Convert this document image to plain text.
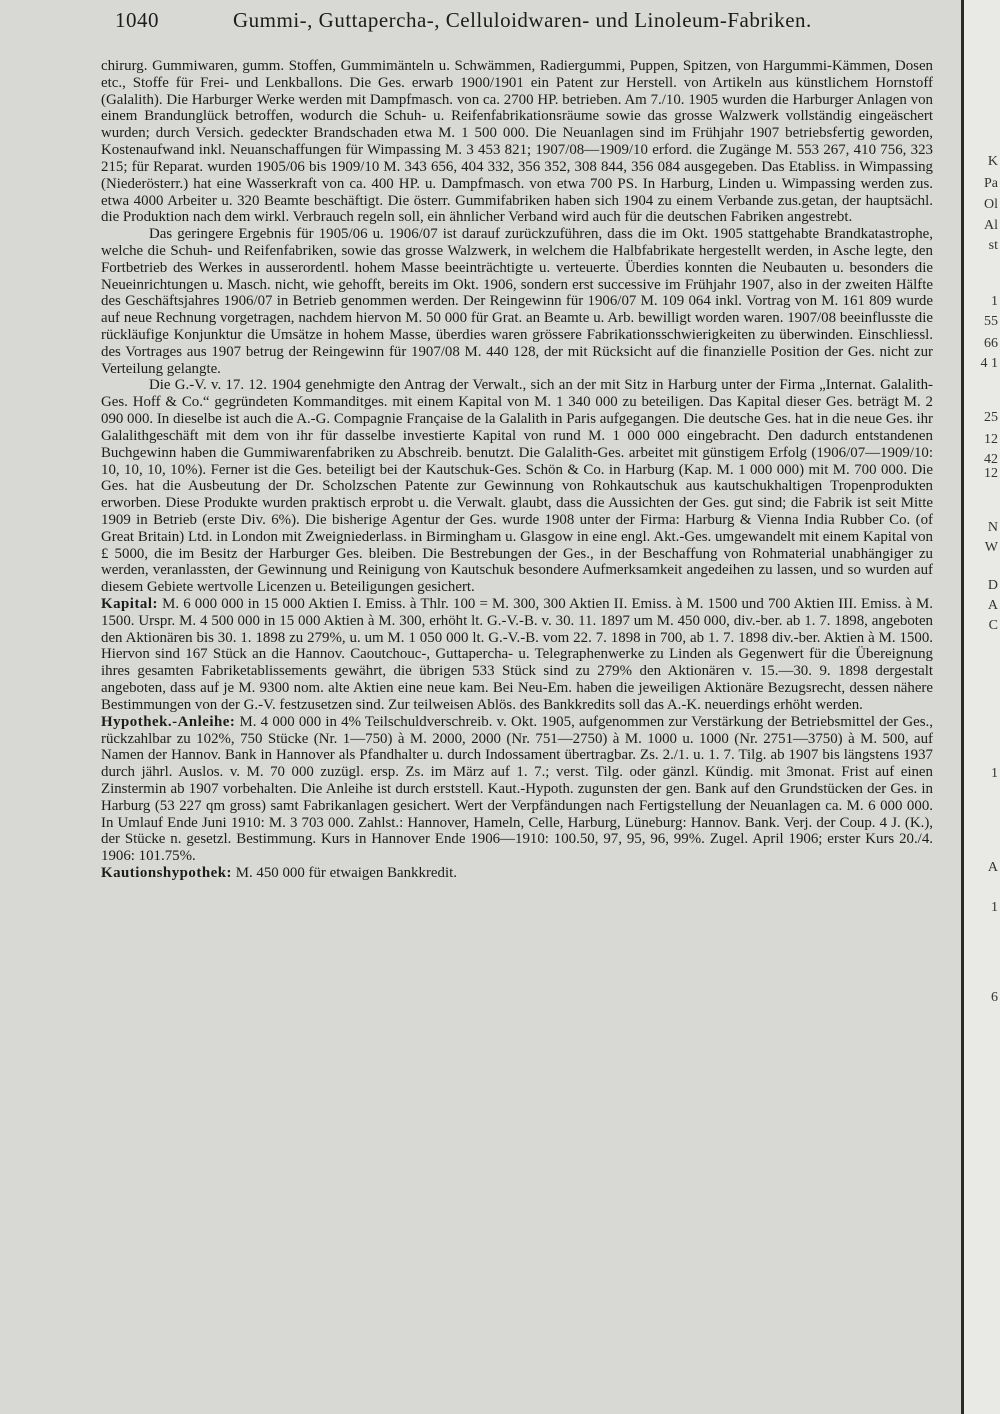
1040	Gummi-, Guttapercha-, Celluloidwaren- und Linoleum-Fabriken.

chirurg. Gummiwaren, gumm. Stoffen, Gummimänteln u. Schwämmen, Radiergummi, Puppen, Spitzen, von Hargummi-Kämmen, Dosen etc., Stoffe für Frei- und Lenkballons. Die Ges. erwarb 1900/1901 ein Patent zur Herstell. von Artikeln aus künstlichem Hornstoff (Galalith). Die Harburger Werke werden mit Dampfmasch. von ca. 2700 HP. betrieben. Am 7./10. 1905 wurden die Harburger Anlagen von einem Brandunglück betroffen, wodurch die Schuh- u. Reifenfabrikationsräume sowie das grosse Walzwerk vollständig eingeäschert wurden; durch Versich. gedeckter Brandschaden etwa M. 1 500 000. Die Neuanlagen sind im Frühjahr 1907 betriebsfertig geworden, Kostenaufwand inkl. Neuanschaffungen für Wimpassing M. 3 453 821; 1907/08—1909/10 erford. die Zugänge M. 553 267, 410 756, 323 215; für Reparat. wurden 1905/06 bis 1909/10 M. 343 656, 404 332, 356 352, 308 844, 356 084 ausgegeben. Das Etabliss. in Wimpassing (Niederösterr.) hat eine Wasserkraft von ca. 400 HP. u. Dampfmasch. von etwa 700 PS. In Harburg, Linden u. Wimpassing werden zus. etwa 4000 Arbeiter u. 320 Beamte beschäftigt. Die österr. Gummifabriken haben sich 1904 zu einem Verbande zus.getan, der hauptsächl. die Produktion nach dem wirkl. Verbrauch regeln soll, ein ähnlicher Verband wird auch für die deutschen Fabriken angestrebt.

Das geringere Ergebnis für 1905/06 u. 1906/07 ist darauf zurückzuführen, dass die im Okt. 1905 stattgehabte Brandkatastrophe, welche die Schuh- und Reifenfabriken, sowie das grosse Walzwerk, in welchem die Halbfabrikate hergestellt werden, in Asche legte, den Fortbetrieb des Werkes in ausserordentl. hohem Masse beeinträchtigte u. verteuerte. Überdies konnten die Neubauten u. besonders die Neueinrichtungen u. Masch. nicht, wie gehofft, bereits im Okt. 1906, sondern erst successive im Frühjahr 1907, also in der zweiten Hälfte des Geschäftsjahres 1906/07 in Betrieb genommen werden. Der Reingewinn für 1906/07 M. 109 064 inkl. Vortrag von M. 161 809 wurde auf neue Rechnung vorgetragen, nachdem hiervon M. 50 000 für Grat. an Beamte u. Arb. bewilligt worden waren. 1907/08 beeinflusste die rückläufige Konjunktur die Umsätze in hohem Masse, überdies waren grössere Fabrikationsschwierigkeiten zu überwinden. Einschliessl. des Vortrages aus 1907 betrug der Reingewinn für 1907/08 M. 440 128, der mit Rücksicht auf die finanzielle Position der Ges. nicht zur Verteilung gelangte.

Die G.-V. v. 17. 12. 1904 genehmigte den Antrag der Verwalt., sich an der mit Sitz in Harburg unter der Firma „Internat. Galalith-Ges. Hoff & Co.“ gegründeten Kommanditges. mit einem Kapital von M. 1 340 000 zu beteiligen. Das Kapital dieser Ges. beträgt M. 2 090 000. In dieselbe ist auch die A.-G. Compagnie Française de la Galalith in Paris aufgegangen. Die deutsche Ges. hat in die neue Ges. ihr Galalithgeschäft mit dem von ihr für dasselbe investierte Kapital von rund M. 1 000 000 eingebracht. Den dadurch entstandenen Buchgewinn haben die Gummiwarenfabriken zu Abschreib. benutzt. Die Galalith-Ges. arbeitet mit günstigem Erfolg (1906/07—1909/10: 10, 10, 10, 10%). Ferner ist die Ges. beteiligt bei der Kautschuk-Ges. Schön & Co. in Harburg (Kap. M. 1 000 000) mit M. 700 000. Die Ges. hat die Ausbeutung der Dr. Scholzschen Patente zur Gewinnung von Rohkautschuk aus kautschukhaltigen Tropenprodukten erworben. Diese Produkte wurden praktisch erprobt u. die Verwalt. glaubt, dass die Aussichten der Ges. gut sind; die Fabrik ist seit Mitte 1909 in Betrieb (erste Div. 6%). Die bisherige Agentur der Ges. wurde 1908 unter der Firma: Harburg & Vienna India Rubber Co. (of Great Britain) Ltd. in London mit Zweigniederlass. in Birmingham u. Glasgow in eine engl. Akt.-Ges. umgewandelt mit einem Kapital von £ 5000, die im Besitz der Harburger Ges. bleiben. Die Bestrebungen der Ges., in der Beschaffung von Rohmaterial unabhängiger zu werden, veranlassten, der Gewinnung und Reinigung von Kautschuk besondere Aufmerksamkeit angedeihen zu lassen, und so wurden auf diesem Gebiete wertvolle Licenzen u. Beteiligungen gesichert.

Kapital: M. 6 000 000 in 15 000 Aktien I. Emiss. à Thlr. 100 = M. 300, 300 Aktien II. Emiss. à M. 1500 und 700 Aktien III. Emiss. à M. 1500. Urspr. M. 4 500 000 in 15 000 Aktien à M. 300, erhöht lt. G.-V.-B. v. 30. 11. 1897 um M. 450 000, div.-ber. ab 1. 7. 1898, angeboten den Aktionären bis 30. 1. 1898 zu 279%, u. um M. 1 050 000 lt. G.-V.-B. vom 22. 7. 1898 in 700, ab 1. 7. 1898 div.-ber. Aktien à M. 1500. Hiervon sind 167 Stück an die Hannov. Caoutchouc-, Guttapercha- u. Telegraphenwerke zu Linden als Gegenwert für die Übereignung ihres gesamten Fabriketablissements gewährt, die übrigen 533 Stück sind zu 279% den Aktionären v. 15.—30. 9. 1898 dergestalt angeboten, dass auf je M. 9300 nom. alte Aktien eine neue kam. Bei Neu-Em. haben die jeweiligen Aktionäre Bezugsrecht, dessen nähere Bestimmungen von der G.-V. festzusetzen sind. Zur teilweisen Ablös. des Bankkredits soll das A.-K. neuerdings erhöht werden.

Hypothek.-Anleihe: M. 4 000 000 in 4% Teilschuldverschreib. v. Okt. 1905, aufgenommen zur Verstärkung der Betriebsmittel der Ges., rückzahlbar zu 102%, 750 Stücke (Nr. 1—750) à M. 2000, 2000 (Nr. 751—2750) à M. 1000 u. 1000 (Nr. 2751—3750) à M. 500, auf Namen der Hannov. Bank in Hannover als Pfandhalter u. durch Indossament übertragbar. Zs. 2./1. u. 1. 7. Tilg. ab 1907 bis längstens 1937 durch jährl. Auslos. v. M. 70 000 zuzügl. ersp. Zs. im März auf 1. 7.; verst. Tilg. oder gänzl. Kündig. mit 3monat. Frist auf einen Zinstermin ab 1907 vorbehalten. Die Anleihe ist durch erststell. Kaut.-Hypoth. zugunsten der gen. Bank auf den Grundstücken der Ges. in Harburg (53 227 qm gross) samt Fabrikanlagen gesichert. Wert der Verpfändungen nach Fertigstellung der Neuanlagen ca. M. 6 000 000. In Umlauf Ende Juni 1910: M. 3 703 000. Zahlst.: Hannover, Hameln, Celle, Harburg, Lüneburg: Hannov. Bank. Verj. der Coup. 4 J. (K.), der Stücke n. gesetzl. Bestimmung. Kurs in Hannover Ende 1906—1910: 100.50, 97, 95, 96, 99%. Zugel. April 1906; erster Kurs 20./4. 1906: 101.75%.

Kautionshypothek: M. 450 000 für etwaigen Bankkredit.

K
Pa
Ol
Al
st
1
55
66
4 1
25
12
42
12
N
W
D
A
C
1
A
1
6
